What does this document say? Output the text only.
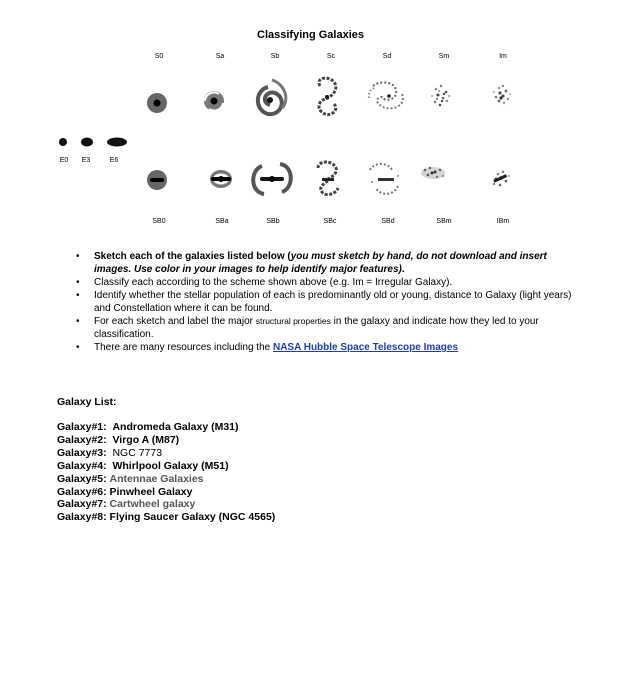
Classifying Galaxies
S0	Sa	Sb	Sc	Sd	Sm	Im
E0 E3	E6
SB0	SBa	SBb	SBc	SBd	SBm	IBm
• Sketch each of the galaxies listed below (you must sketch by hand, do not download and insert images. Use color in your images to help identify major features).
• Classify each according to the scheme shown above (e.g. Im = Irregular Galaxy).
• Identify whether the stellar population of each is predominantly old or young, distance to Galaxy (light years) and Constellation where it can be found.
• For each sketch and label the major structural properties in the galaxy and indicate how they led to your classification.
• There are many resources including the NASA Hubble Space Telescope Images
Galaxy List:
Galaxy#1: Andromeda Galaxy (M31)
Galaxy#2: Virgo A (M87)
Galaxy#3: NGC 7773
Galaxy#4: Whirlpool Galaxy (M51)
Galaxy#5: Antennae Galaxies
Galaxy#6: Pinwheel Galaxy
Galaxy#7: Cartwheel galaxy
Galaxy#8: Flying Saucer Galaxy (NGC 4565)
